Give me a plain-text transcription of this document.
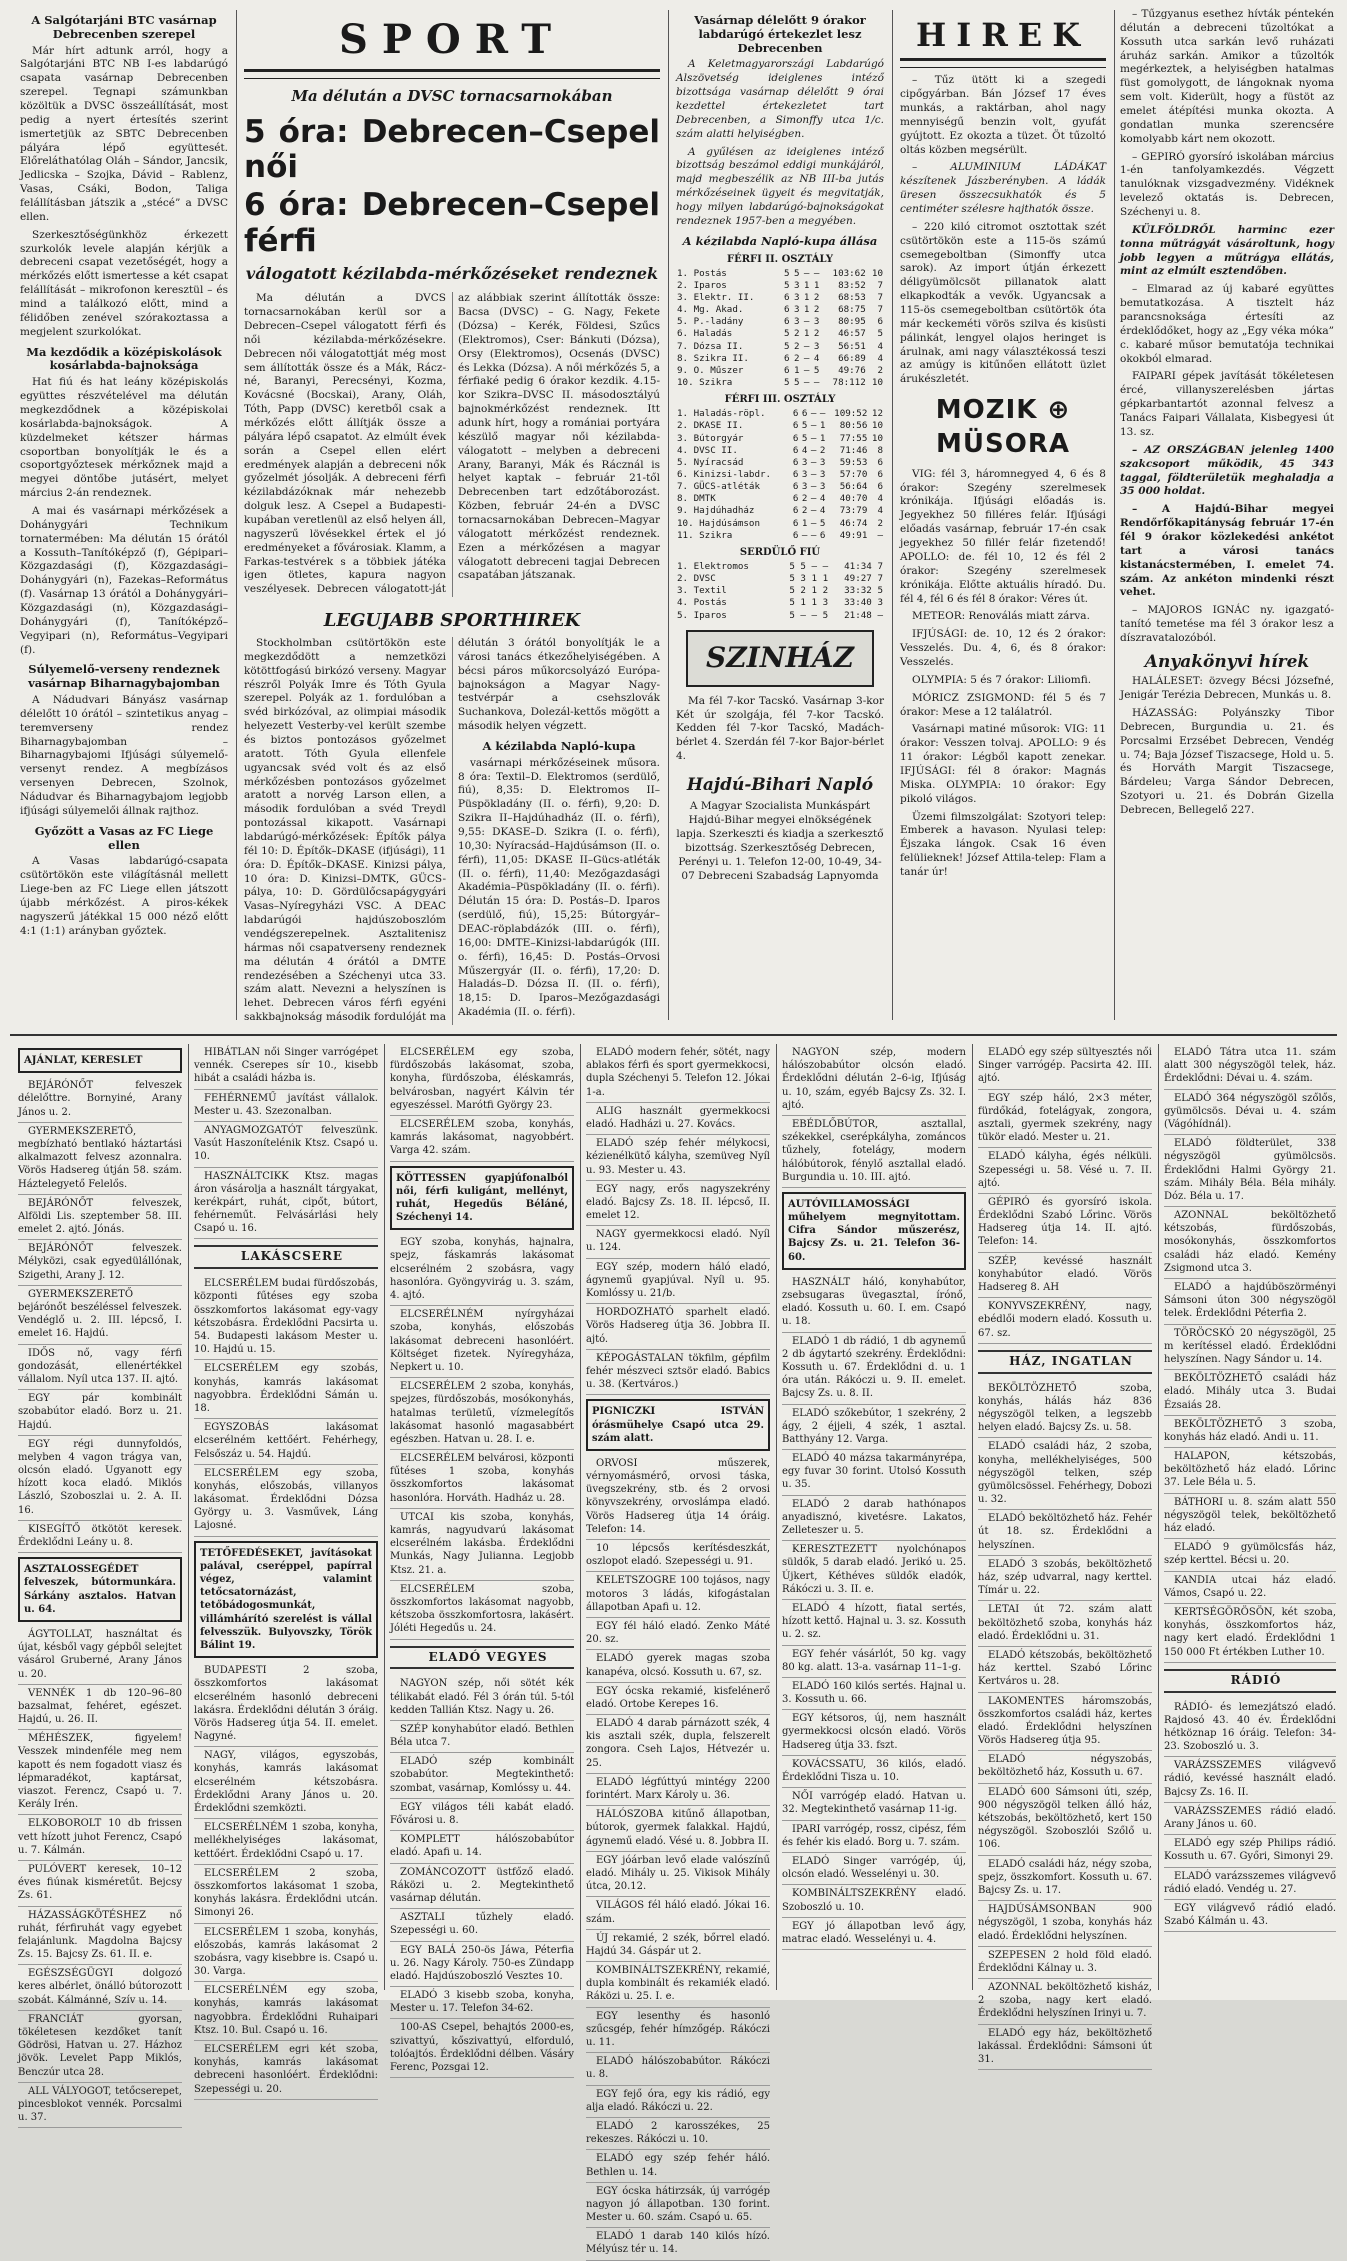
A Salgótarjáni BTC vasárnap Debrecenben szerepel

Már hírt adtunk arról, hogy a Salgótarjáni BTC NB I-es labdarúgó csapata vasárnap Debrecenben szerepel. Tegnapi számunkban közöltük a DVSC összeállítását, most pedig a nyert értesítés szerint ismertetjük az SBTC Debrecenben pályára lépő együttesét. Előreláthatólag Oláh – Sándor, Jancsik, Jedlicska – Szojka, Dávid – Rablenz, Vasas, Csáki, Bodon, Taliga felállításban játszik a „stécé” a DVSC ellen.

Szerkesztőségünkhöz érkezett szurkolók levele alapján kérjük a debreceni csapat vezetőségét, hogy a mérkőzés előtt ismertesse a két csapat felállítását – mikrofonon keresztül – és mind a találkozó előtt, mind a félidőben zenével szórakoztassa a megjelent szurkolókat.

Ma kezdődik a középiskolások kosárlabda-bajnoksága

Hat fiú és hat leány középiskolás együttes részvételével ma délután megkezdődnek a középiskolai kosárlabda-bajnokságok. A küzdelmeket kétszer hármas csoportban bonyolítják le és a csoportgyőztesek mérkőznek majd a megyei döntőbe jutásért, melyet március 2-án rendeznek.

A mai és vasárnapi mérkőzések a Dohánygyári Technikum tornatermében: Ma délután 15 órától a Kossuth–Tanítóképző (f), Gépipari–Közgazdasági (f), Közgazdasági–Dohánygyári (n), Fazekas–Református (f). Vasárnap 13 órától a Dohánygyári–Közgazdasági (n), Közgazdasági–Dohánygyári (f), Tanítóképző–Vegyipari (n), Református–Vegyipari (f).

Súlyemelő-verseny rendeznek vasárnap Biharnagybajomban

A Nádudvari Bányász vasárnap délelőtt 10 órától – szintetikus anyag – teremverseny rendez Biharnagybajomban – Biharnagybajomi Ifjúsági súlyemelő-versenyt rendez. A megbízásos versenyen Debrecen, Szolnok, Nádudvar és Biharnagybajom legjobb ifjúsági súlyemelői állnak rajthoz.

Győzött a Vasas az FC Liege ellen

A Vasas labdarúgó-csapata csütörtökön este világításnál mellett Liege-ben az FC Liege ellen játszott újabb mérkőzést. A piros-kékek nagyszerű játékkal 15 000 néző előtt 4:1 (1:1) arányban győztek.

SPORT
Ma délután a DVSC tornacsarnokában
5 óra: Debrecen–Csepel női
6 óra: Debrecen–Csepel férfi
válogatott kézilabda-mérkőzéseket rendeznek

Ma délután a DVCS tornacsarnokában kerül sor a Debrecen–Csepel válogatott férfi és női kézilabda-mérkőzésekre. Debrecen női válogatottját még most sem állították össze és a Mák, Rácz-né, Baranyi, Perecsényi, Kozma, Kovácsné (Bocskai), Arany, Oláh, Tóth, Papp (DVSC) keretből csak a mérkőzés előtt állítják össze a pályára lépő csapatot. Az elmúlt évek során a Csepel ellen elért eredmények alapján a debreceni nők győzelmét jósolják. A debreceni férfi kézilabdázóknak már nehezebb dolguk lesz. A Csepel a Budapesti-kupában veretlenül az első helyen áll, nagyszerű lövésekkel értek el jó eredményeket a fővárosiak. Klamm, a Farkas-testvérek s a többiek játéka igen ötletes, kapura nagyon veszélyesek. Debrecen válogatott-ját az alábbiak szerint állították össze: Bacsa (DVSC) – G. Nagy, Fekete (Dózsa) – Kerék, Földesi, Szűcs (Elektromos), Cser: Bánkuti (Dózsa), Orsy (Elektromos), Ocsenás (DVSC) és Lekka (Dózsa). A női mérkőzés 5, a férfiaké pedig 6 órakor kezdik. 4.15-kor Szikra–DVSC II. másodosztályú bajnokmérkőzést rendeznek. Itt adunk hírt, hogy a romániai portyára készülő magyar női kézilabda-válogatott – melyben a debreceni Arany, Baranyi, Mák és Rácznál is helyet kaptak – február 21-től Debrecenben tart edzőtáborozást. Közben, február 24-én a DVSC tornacsarnokában Debrecen–Magyar válogatott mérkőzést rendeznek. Ezen a mérkőzésen a magyar válogatott debreceni tagjai Debrecen csapatában játszanak.

LEGUJABB SPORTHIREK

Stockholmban csütörtökön este megkezdődött a nemzetközi kötöttfogású birkózó verseny. Magyar részről Polyák Imre és Tóth Gyula szerepel. Polyák az 1. fordulóban a svéd birkózóval, az olimpiai második helyezett Vesterby-vel került szembe és biztos pontozásos győzelmet aratott. Tóth Gyula ellenfele ugyancsak svéd volt és az első mérkőzésben pontozásos győzelmet aratott a norvég Larson ellen, a második fordulóban a svéd Treydl pontozással kikapott. Vasárnapi labdarúgó-mérkőzések: Építők pálya fél 10: D. Építők–DKASE (ifjúsági), 11 óra: D. Építők–DKASE. Kinizsi pálya, 10 óra: D. Kinizsi–DMTK, GÜCS-pálya, 10: D. Gördülőcsapágygyári Vasas–Nyíregyházi VSC. A DEAC labdarúgói hajdúszoboszlóm vendégszerepelnek. Asztalitenisz hármas női csapatverseny rendeznek ma délután 4 órától a DMTE rendezésében a Széchenyi utca 33. szám alatt. Nevezni a helyszínen is lehet. Debrecen város férfi egyéni sakkbajnokság második fordulóját ma délután 3 órától bonyolítják le a városi tanács étkezőhelyiségében. A bécsi páros műkorcsolyázó Európa-bajnokságon a Magyar Nagy-testvérpár a csehszlovák Suchankova, Dolezál-kettős mögött a második helyen végzett.

A kézilabda Napló-kupa

vasárnapi mérkőzéseinek műsora. 8 óra: Textil–D. Elektromos (serdülő, fiú), 8,35: D. Elektromos II–Püspökladány (II. o. férfi), 9,20: D. Szikra II–Hajdúhadház (II. o. férfi), 9,55: DKASE–D. Szikra (I. o. férfi), 10,30: Nyíracsád–Hajdúsámson (II. o. férfi), 11,05: DKASE II–Gücs-atléták (II. o. férfi), 11,40: Mezőgazdasági Akadémia–Püspökladány (II. o. férfi). Délután 15 óra: D. Postás–D. Iparos (serdülő, fiú), 15,25: Bútorgyár–DEAC-röplabdázók (III. o. férfi), 16,00: DMTE–Kinizsi-labdarúgók (III. o. férfi), 16,45: D. Postás–Orvosi Műszergyár (II. o. férfi), 17,20: D. Haladás–D. Dózsa II. (II. o. férfi), 18,15: D. Iparos–Mezőgazdasági Akadémia (II. o. férfi).

Vasárnap délelőtt 9 órakor labdarúgó értekezlet lesz Debrecenben

A Keletmagyarországi Labdarúgó Alszövetség ideiglenes intéző bizottsága vasárnap délelőtt 9 órai kezdettel értekezletet tart Debrecenben, a Simonffy utca 1/c. szám alatti helyiségben.

A gyűlésen az ideiglenes intéző bizottság beszámol eddigi munkájáról, majd megbeszélik az NB III-ba jutás mérkőzéseinek ügyeit és megvitatják, hogy milyen labdarúgó-bajnokságokat rendeznek 1957-ben a megyében.

A kézilabda Napló-kupa állása
FÉRFI II. OSZTÁLY
1. Postás	5	5	–	–	103:62	10
2. Iparos	5	3	1	1	83:52	7
3. Elektr. II.	6	3	1	2	68:53	7
4. Mg. Akad.	6	3	1	2	68:75	7
5. P.-ladány	6	3	–	3	80:95	6
6. Haladás	5	2	1	2	46:57	5
7. Dózsa II.	5	2	–	3	56:51	4
8. Szikra II.	6	2	–	4	66:89	4
9. O. Műszer	6	1	–	5	49:76	2
10. Szikra	5	5	–	–	78:112	10
FÉRFI III. OSZTÁLY
1. Haladás-röpl.	6	6	–	–	109:52	12
2. DKASE II.	6	5	–	1	80:56	10
3. Bútorgyár	6	5	–	1	77:55	10
4. DVSC II.	6	4	–	2	71:46	8
5. Nyíracsád	6	3	–	3	59:53	6
6. Kinizsi-labdr.	6	3	–	3	57:70	6
7. GÜCS-atléták	6	3	–	3	56:64	6
8. DMTK	6	2	–	4	40:70	4
9. Hajdúhadház	6	2	–	4	73:79	4
10. Hajdúsámson	6	1	–	5	46:74	2
11. Szikra	6	–	–	6	49:91	–
SERDÜLŐ FIÚ
1. Elektromos	5	5	–	–	41:34	7
2. DVSC	5	3	1	1	49:27	7
3. Textil	5	2	1	2	33:32	5
4. Postás	5	1	1	3	33:40	3
5. Iparos	5	–	–	5	21:48	–
SZINHÁZ

Ma fél 7-kor Tacskó. Vasárnap 3-kor Két úr szolgája, fél 7-kor Tacskó. Kedden fél 7-kor Tacskó, Madách-bérlet 4. Szerdán fél 7-kor Bajor-bérlet 4.

Hajdú-Bihari Napló

A Magyar Szocialista Munkáspárt Hajdú-Bihar megyei elnökségének lapja. Szerkeszti és kiadja a szerkesztő bizottság. Szerkesztőség Debrecen, Perényi u. 1. Telefon 12-00, 10-49, 34-07 Debreceni Szabadság Lapnyomda

HIREK

– Tűz ütött ki a szegedi cipőgyárban. Bán József 17 éves munkás, a raktárban, ahol nagy mennyiségű benzin volt, gyufát gyújtott. Ez okozta a tüzet. Öt tűzoltó oltás közben megsérült.

– ALUMINIUM LÁDÁKAT készítenek Jászberényben. A ládák üresen összecsukhatók és 5 centiméter szélesre hajthatók össze.

– 220 kiló citromot osztottak szét csütörtökön este a 115-ös számú csemegeboltban (Simonffy utca sarok). Az import útján érkezett déligyümölcsöt pillanatok alatt elkapkodták a vevők. Ugyancsak a 115-ös csemegeboltban csütörtök óta már keckeméti vörös szilva és kisüsti pálinkát, lengyel olajos heringet is árulnak, ami nagy választékossá teszi az amúgy is kitűnően ellátott üzlet árukészletét.

MOZIK ⊕ MÜSORA

VIG: fél 3, háromnegyed 4, 6 és 8 órakor: Szegény szerelmesek krónikája. Ifjúsági előadás is. Jegyekhez 50 filléres felár. Ifjúsági előadás vasárnap, február 17-én csak jegyekhez 50 fillér felár fizetendő! APOLLO: de. fél 10, 12 és fél 2 órakor: Szegény szerelmesek krónikája. Előtte aktuális híradó. Du. fél 4, fél 6 és fél 8 órakor: Véres út.

METEOR: Renoválás miatt zárva.

IFJÚSÁGI: de. 10, 12 és 2 órakor: Vesszelés. Du. 4, 6, és 8 órakor: Vesszelés.

OLYMPIA: 5 és 7 órakor: Liliomfi.

MÓRICZ ZSIGMOND: fél 5 és 7 órakor: Mese a 12 találatról.

Vasárnapi matiné műsorok: VIG: 11 órakor: Vesszen tolvaj. APOLLO: 9 és 11 órakor: Légből kapott zenekar. IFJÚSÁGI: fél 8 órakor: Magnás Miska. OLYMPIA: 10 órakor: Egy pikoló világos.

Üzemi filmszolgálat: Szotyori telep: Emberek a havason. Nyulasi telep: Éjszaka lángok. Csak 16 éven felülieknek! József Attila-telep: Flam a tanár úr!

– Tűzgyanus esethez hívták péntekén délután a debreceni tűzoltókat a Kossuth utca sarkán levő ruházati áruház sarkán. Amikor a tűzoltók megérkeztek, a helyiségben hatalmas füst gomolygott, de lángoknak nyoma sem volt. Kiderült, hogy a füstöt az emelet átépítési munka okozta. A gondatlan munka szerencsére komolyabb kárt nem okozott.

– GEPIRÓ gyorsíró iskolában március 1-én tanfolyamkezdés. Végzett tanulóknak vizsgadvezmény. Vidéknek levelező oktatás is. Debrecen, Széchenyi u. 8.

KÜLFÖLDRŐL harminc ezer tonna műtrágyát vásároltunk, hogy jobb legyen a műtrágya ellátás, mint az elmúlt esztendőben.

– Elmarad az új kabaré együttes bemutatkozása. A tisztelt ház parancsnoksága értesíti az érdeklődőket, hogy az „Egy véka móka” c. kabaré műsor bemutatója technikai okokból elmarad.

FAIPARI gépek javítását tökéletesen ércé, villanyszerelésben jártas gépkarbantartót azonnal felvesz a Tanács Faipari Vállalata, Kisbegyesi út 13. sz.

– AZ ORSZÁGBAN jelenleg 1400 szakcsoport működik, 45 343 taggal, földterületük meghaladja a 35 000 holdat.

– A Hajdú-Bihar megyei Rendőrfőkapitányság február 17-én fél 9 órakor közlekedési ankétot tart a városi tanács kistanácstermében, I. emelet 74. szám. Az ankéton mindenki részt vehet.

– MAJOROS IGNÁC ny. igazgató-tanító temetése ma fél 3 órakor lesz a díszravatalozóból.

Anyakönyvi hírek

HALÁLESET: özvegy Bécsi Józsefné, Jenigár Terézia Debrecen, Munkás u. 8.

HÁZASSÁG: Polyánszky Tibor Debrecen, Burgundia u. 21. és Porcsalmi Erzsébet Debrecen, Vendég u. 74; Baja József Tiszacsege, Hold u. 5. és Horváth Margit Tiszacsege, Bárdeleu; Varga Sándor Debrecen, Szotyori u. 21. és Dobrán Gizella Debrecen, Bellegelő 227.

AJÁNLAT, KERESLET

BEJÁRÓNŐT felveszek délelőttre. Bornyiné, Arany János u. 2.

GYERMEKSZERETŐ, megbízható bentlakó háztartási alkalmazott felvesz azonnalra. Vörös Hadsereg útján 58. szám. Háztelegyető Felelős.

BEJÁRÓNŐT felveszek, Alföldi Lis. szeptember 58. III. emelet 2. ajtó. Jónás.

BEJÁRÓNŐT felveszek. Mélyközi, csak egyedülállónak, Szigethi, Arany J. 12.

GYERMEKSZERETŐ bejárónőt beszéléssel felveszek. Vendéglő u. 2. III. lépcső, I. emelet 16. Hajdú.

IDŐS nő, vagy férfi gondozását, ellenértékkel vállalom. Nyíl utca 137. II. ajtó.

EGY pár kombinált szobabútor eladó. Borz u. 21. Hajdú.

EGY régi dunnyfoldós, melyben 4 vagon trágya van, olcsón eladó. Ugyanott egy hízott koca eladó. Miklós László, Szoboszlai u. 2. A. II. 16.

KISEGÍTŐ ötkötöt keresek. Érdeklődni Leány u. 8.

ASZTALOSSEGÉDET felveszek, bútormunkára. Sárkány asztalos. Hatvan u. 64.

ÁGYTOLLAT, használtat és újat, késből vagy gépből selejtet vásárol Gruberné, Arany János u. 20.

VENNÉK 1 db 120–96–80 bazsalmat, fehéret, egészet. Hajdú, u. 26. II.

MÉHÉSZEK, figyelem! Vesszek mindenféle meg nem kapott és nem fogadott viasz és lépmaradékot, kaptársat, viaszot. Ferencz, Csapó u. 7. Kerály Irén.

ELKOBOROLT 10 db frissen vett hízott juhot Ferencz, Csapó u. 7. Kálmán.

PULÓVERT keresek, 10–12 éves fiúnak kisméretűt. Bejcsy Zs. 61.

HÁZASSÁGKÖTÉSHEZ nő ruhát, férfiruhát vagy egyebet felajánlunk. Magdolna Bajcsy Zs. 15. Bajcsy Zs. 61. II. e.

EGÉSZSÉGÜGYI dolgozó keres albérlet, önálló bútorozott szobát. Kálmánné, Szív u. 14.

FRANCIÁT gyorsan, tökéletesen kezdőket tanít Gödrösi, Hatvan u. 27. Házhoz jövök. Levelet Papp Miklós, Benczúr utca 28.

ALL VÁLYOGOT, tetőcserepet, pincesblokot vennék. Porcsalmi u. 37.

HIBÁTLAN női Singer varrógépet vennék. Cserepes sír 10., kisebb hibát a családi házba is.

FEHÉRNEMŰ javítást vállalok. Mester u. 43. Szezonalban.

ANYAGMOZGATÓT felveszünk. Vasút Haszonítelénik Ktsz. Csapó u. 10.

HASZNÁLTCIKK Ktsz. magas áron vásárolja a használt tárgyakat, kerékpárt, ruhát, cipőt, bútort, fehérneműt. Felvásárlási hely Csapó u. 16.

LAKÁSCSERE

ELCSERÉLEM budai fürdőszobás, központi fűtéses egy szoba összkomfortos lakásomat egy-vagy kétszobásra. Érdeklődni Pacsirta u. 54. Budapesti lakásom Mester u. 10. Hajdú u. 15.

ELCSERÉLEM egy szobás, konyhás, kamrás lakásomat nagyobbra. Érdeklődni Sámán u. 18.

EGYSZOBÁS lakásomat elcserélném kettőért. Fehérhegy, Felsőszáz u. 54. Hajdú.

ELCSERÉLEM egy szoba, konyhás, előszobás, villanyos lakásomat. Érdeklődni Dózsa György u. 3. Vasművek, Láng Lajosné.

TETŐFEDÉSEKET, javításokat palával, cseréppel, papírral végez, valamint tetőcsatornázást, tetőbádogosmunkát, villámhárító szerelést is vállal felvesszük. Bulyovszky, Török Bálint 19.

BUDAPESTI 2 szoba, összkomfortos lakásomat elcserélném hasonló debreceni lakásra. Érdeklődni délután 3 óráig. Vörös Hadsereg útja 54. II. emelet. Nagyné.

NAGY, világos, egyszobás, konyhás, kamrás lakásomat elcserélném kétszobásra. Érdeklődni Arany János u. 20. Érdeklődni szemközti.

ELCSERÉLNÉM 1 szoba, konyha, mellékhelyiséges lakásomat, kettőért. Érdeklődni Csapó u. 17.

ELCSERÉLEM 2 szoba, összkomfortos lakásomat 1 szoba, konyhás lakásra. Érdeklődni utcán. Simonyi 26.

ELCSERÉLEM 1 szoba, konyhás, előszobás, kamrás lakásomat 2 szobásra, vagy kisebbre is. Csapó u. 30. Varga.

ELCSERÉLNÉM egy szoba, konyhás, kamrás lakásomat nagyobbra. Érdeklődni Ruhaipari Ktsz. 10. Bul. Csapó u. 16.

ELCSERÉLEM egri két szoba, konyhás, kamrás lakásomat debreceni hasonlóért. Érdeklődni: Szepességi u. 20.

ELCSERÉLEM egy szoba, fürdőszobás lakásomat, szoba, konyha, fürdőszoba, éléskamrás, belvárosban, nagyért Kálvin tér egyeszéssel. Marótfi György 23.

ELCSERÉLEM szoba, konyhás, kamrás lakásomat, nagyobbért. Varga 42. szám.

KÖTTESSEN gyapjúfonalból női, férfi kuligánt, mellényt, ruhát, Hegedűs Béláné, Széchenyi 14.

EGY szoba, konyhás, hajnalra, spejz, fáskamrás lakásomat elcserélném 2 szobásra, vagy hasonlóra. Gyöngyvirág u. 3. szám, 4. ajtó.

ELCSERÉLNÉM nyírgyházai szoba, konyhás, előszobás lakásomat debreceni hasonlóért. Költséget fizetek. Nyíregyháza, Nepkert u. 10.

ELCSERÉLEM 2 szoba, konyhás, spejzes, fürdőszobás, mosókonyhás, hatalmas területű, vízmelegítős lakásomat hasonló magasabbért egészben. Hatvan u. 28. I. e.

ELCSERÉLEM belvárosi, központi fűtéses 1 szoba, konyhás összkomfortos lakásomat hasonlóra. Horváth. Hadház u. 28.

UTCAI kis szoba, konyhás, kamrás, nagyudvarú lakásomat elcserélném lakásba. Érdeklődni Munkás, Nagy Julianna. Legjobb Ktsz. 21. a.

ELCSERÉLEM szoba, összkomfortos lakásomat nagyobb, kétszoba összkomfortosra, lakásért. Jóléti Hegedűs u. 24.

ELADÓ VEGYES

NAGYON szép, női sötét kék télikabát eladó. Fél 3 órán túl. 5-tól kedden Tallián Ktsz. Nagy u. 26.

SZÉP konyhabútor eladó. Bethlen Béla utca 7.

ELADÓ szép kombinált szobabútor. Megtekinthető: szombat, vasárnap, Komlóssy u. 44.

EGY világos téli kabát eladó. Fővárosi u. 8.

KOMPLETT hálószobabútor eladó. Apafi u. 14.

ZOMÁNCOZOTT üstfőző eladó. Ráközi u. 2. Megtekinthető vasárnap délután.

ASZTALI tűzhely eladó. Szepességi u. 60.

EGY BALÁ 250-ös Jáwa, Péterfia u. 26. Nagy Károly. 750-es Zündapp eladó. Hajdúszoboszló Vesztes 10.

ELADÓ 3 kisebb szoba, konyha, Mester u. 17. Telefon 34-62.

100-AS Csepel, behajtós 2000-es, szivattyú, kőszivattyú, elforduló, tolóajtós. Érdeklődni délben. Vásáry Ferenc, Pozsgai 12.

ELADÓ modern fehér, sötét, nagy ablakos férfi és sport gyermekkocsi, dupla Széchenyi 5. Telefon 12. Jókai 1-a.

ALIG használt gyermekkocsi eladó. Hadházi u. 27. Kovács.

ELADÓ szép fehér mélykocsi, kézienélkütő kályha, szemüveg Nyíl u. 93. Mester u. 43.

EGY nagy, erős nagyszekrény eladó. Bajcsy Zs. 18. II. lépcső, II. emelet 12.

NAGY gyermekkocsi eladó. Nyíl u. 124.

EGY szép, modern háló eladó, ágynemű gyapjúval. Nyíl u. 95. Komlóssy u. 21/b.

HORDOZHATÓ sparhelt eladó. Vörös Hadsereg útja 36. Jobbra II. ajtó.

KÉPOGÁSTALAN tökfilm, gépfilm fehér mészveci sztsör eladó. Babics u. 38. (Kertváros.)

PIGNICZKI ISTVÁN órásmühelye Csapó utca 29. szám alatt.

ORVOSI műszerek, vérnyomásmérő, orvosi táska, üvegszekrény, stb. és 2 orvosi könyvszekrény, orvoslámpa eladó. Vörös Hadsereg útja 14 óráig. Telefon: 14.

10 lépcsős kerítésdeszkát, oszlopot eladó. Szepességi u. 91.

KELETSZOGRE 100 tojásos, nagy motoros 3 ládás, kifogástalan állapotban Apafi u. 12.

EGY fél háló eladó. Zenko Máté 20. sz.

ELADÓ gyerek magas szoba kanapéva, olcsó. Kossuth u. 67, sz.

EGY ócska rekamié, kisfelénerő eladó. Ortobe Kerepes 16.

ELADÓ 4 darab párnázott szék, 4 kis asztali szék, dupla, felszerelt zongora. Cseh Lajos, Hétvezér u. 25.

ELADÓ légfúttyú mintégy 2200 forintért. Marx Károly u. 36.

HÁLÓSZOBA kitűnő állapotban, bútorok, gyermek falakkal. Hajdú, ágynemű eladó. Vésé u. 8. Jobbra II.

EGY jóárban levő elade valószínű eladó. Mihály u. 25. Vikisok Mihály útca, 20.12.

VILÁGOS fél háló eladó. Jókai 16. szám.

ÚJ rekamié, 2 szék, bőrrel eladó. Hajdú 34. Gáspár ut 2.

KOMBINÁLTSZEKRÉNY, rekamié, dupla kombinált és rekamiék eladó. Ráközi u. 25. I. e.

EGY lesenthy és hasonló szűcsgép, fehér hímzőgép. Rákóczi u. 11.

ELADÓ hálószobabútor. Rákóczi u. 8.

EGY fejő óra, egy kis rádió, egy alja eladó. Rákóczi u. 22.

ELADÓ 2 karosszékes, 25 rekeszes. Rákóczi u. 10.

ELADÓ egy szép fehér háló. Bethlen u. 14.

EGY ócska hátirzsák, új varrógép nagyon jó állapotban. 130 forint. Mester u. 60. szám. Csapó u. 65.

ELADÓ 1 darab 140 kilós hízó. Mélyúsz tér u. 14.

NAGYON szép, modern hálószobabútor olcsón eladó. Érdeklődni délután 2–6-ig, Ifjúság u. 10, szám, egyéb Bajcsy Zs. 32. I. ajtó.

EBÉDLŐBÚTOR, asztallal, székekkel, cserépkályha, zománcos tűzhely, fotelágy, modern hálóbútorok, fénylő asztallal eladó. Burgundia u. 10. III. ajtó.

AUTÓVILLAMOSSÁGI műhelyem megnyitottam. Cifra Sándor műszerész, Bajcsy Zs. u. 21. Telefon 36-60.

HASZNÁLT háló, konyhabútor, zsebsugaras üvegasztal, írónő, eladó. Kossuth u. 60. I. em. Csapó u. 18.

ELADÓ 1 db rádió, 1 db agynemű 2 db ágytartó szekrény. Érdeklődni: Kossuth u. 67. Érdeklődni d. u. 1 óra után. Rákóczi u. 9. II. emelet. Bajcsy Zs. u. 8. II.

ELADÓ szőkebútor, 1 szekrény, 2 ágy, 2 éjjeli, 4 szék, 1 asztal. Batthyány 12. Varga.

ELADÓ 40 mázsa takarmányrépa, egy fuvar 30 forint. Utolsó Kossuth u. 35.

ELADÓ 2 darab hathónapos anyadisznó, kivetésre. Lakatos, Zelleteszer u. 5.

KERESZTEZETT nyolchónapos süldők, 5 darab eladó. Jerikó u. 25. Újkert, Kéthéves süldők eladók, Rákóczi u. 3. II. e.

ELADÓ 4 hízott, fiatal sertés, hízott kettő. Hajnal u. 3. sz. Kossuth u. 2. sz.

EGY fehér vásárlót, 50 kg. vagy 80 kg. alatt. 13-a. vasárnap 11–1-g.

ELADÓ 160 kilós sertés. Hajnal u. 3. Kossuth u. 66.

EGY kétsoros, új, nem használt gyermekkocsi olcsón eladó. Vörös Hadsereg útja 33. fszt.

KOVÁCSSATU, 36 kilós, eladó. Érdeklődni Tisza u. 10.

NŐI varrógép eladó. Hatvan u. 32. Megtekinthető vasárnap 11-ig.

IPARI varrógép, rossz, cipész, fém és fehér kis eladó. Borg u. 7. szám.

ELADÓ Singer varrógép, új, olcsón eladó. Wesselényi u. 30.

KOMBINÁLTSZEKRÉNY eladó. Szoboszló u. 10.

EGY jó állapotban levő ágy, matrac eladó. Wesselényi u. 4.

ELADÓ egy szép sültyesztés női Singer varrógép. Pacsirta 42. III. ajtó.

EGY szép háló, 2×3 méter, fürdőkád, fotelágyak, zongora, asztali, gyermek szekrény, nagy tükör eladó. Mester u. 21.

ELADÓ kályha, égés nélküli. Szepességi u. 58. Vésé u. 7. II. ajtó.

GÉPIRÓ és gyorsíró iskola. Érdeklődni Szabó Lőrinc. Vörös Hadsereg útja 14. II. ajtó. Telefon: 14.

SZÉP, kevéssé használt konyhabútor eladó. Vörös Hadsereg 8. AH

KONYVSZEKRÉNY, nagy, ebédlői modern eladó. Kossuth u. 67. sz.

HÁZ, INGATLAN

BEKÖLTÖZHETŐ szoba, konyhás, hálás ház 836 négyszögöl telken, a legszebb helyen eladó. Bajcsy Zs. u. 58.

ELADÓ családi ház, 2 szoba, konyha, mellékhelyiséges, 500 négyszögöl telken, szép gyümölcsössel. Fehérhegy, Dobozi u. 32.

ELADÓ beköltözhető ház. Fehér út 18. sz. Érdeklődni a helyszínen.

ELADÓ 3 szobás, beköltözhető ház, szép udvarral, nagy kerttel. Tímár u. 22.

LETAI út 72. szám alatt beköltözhető szoba, konyhás ház eladó. Érdeklődni u. 31.

ELADÓ kétszobás, beköltözhető ház kerttel. Szabó Lőrinc Kertváros u. 28.

LAKOMENTES háromszobás, összkomfortos családi ház, kertes eladó. Érdeklődni helyszínen Vörös Hadsereg útja 95.

ELADÓ négyszobás, beköltözhető ház, Kossuth u. 67.

ELADÓ 600 Sámsoni úti, szép, 900 négyszögöl telken álló ház, kétszobás, beköltözhető, kert 150 négyszögöl. Szoboszlói Szőlő u. 106.

ELADÓ családi ház, négy szoba, spejz, összkomfort. Kossuth u. 67. Bajcsy Zs. u. 17.

HAJDÚSÁMSONBAN 900 négyszögöl, 1 szoba, konyhás ház eladó. Érdeklődni helyszínen.

SZEPESEN 2 hold föld eladó. Érdeklődni Kálnay u. 3.

AZONNAL beköltözhető kisház, 2 szoba, nagy kert eladó. Érdeklődni helyszínen Irinyi u. 7.

ELADÓ egy ház, beköltözhető lakással. Érdeklődni: Sámsoni út 31.

ELADÓ Tátra utca 11. szám alatt 300 négyszögöl telek, ház. Érdeklődni: Dévai u. 4. szám.

ELADÓ 364 négyszögöl szőlős, gyümölcsös. Dévai u. 4. szám (Vágóhídnál).

ELADÓ földterület, 338 négyszögöl gyümölcsös. Érdeklődni Halmi György 21. szám. Mihály Béla. Béla mihály. Dóz. Béla u. 17.

AZONNAL beköltözhető kétszobás, fürdőszobás, mosókonyhás, összkomfortos családi ház eladó. Kemény Zsigmond utca 3.

ELADÓ a hajdúböszörményi Sámsoni úton 300 négyszögöl telek. Érdeklődni Péterfia 2.

TÖRÖCSKÓ 20 négyszögöl, 25 m kerítéssel eladó. Érdeklődni helyszínen. Nagy Sándor u. 14.

BEKÖLTÖZHETŐ családi ház eladó. Mihály utca 3. Budai Ézsaiás 28.

BEKÖLTÖZHETŐ 3 szoba, konyhás ház eladó. Andi u. 11.

HALAPON, kétszobás, beköltözhető ház eladó. Lőrinc 37. Lele Béla u. 5.

BÁTHORI u. 8. szám alatt 550 négyszögöl telek, beköltözhető ház eladó.

ELADÓ 9 gyümölcsfás ház, szép kerttel. Bécsi u. 20.

KANDIA utcai ház eladó. Vámos, Csapó u. 22.

KERTSÉGÖRÖSÖN, két szoba, konyhás, összkomfortos ház, nagy kert eladó. Érdeklődni 1 150 000 Ft értékben Luther 10.

RÁDIÓ

RÁDIÓ- és lemezjátszó eladó. Rajdosó 43. 40 év. Érdeklődni hétköznap 16 óráig. Telefon: 34-23. Szoboszló u. 3.

VARÁZSSZEMES világvevő rádió, kevéssé használt eladó. Bajcsy Zs. 16. II.

VARÁZSSZEMES rádió eladó. Arany János u. 60.

ELADÓ egy szép Philips rádió. Kossuth u. 67. Győri, Simonyi 29.

ELADÓ varázsszemes világvevő rádió eladó. Vendég u. 27.

EGY világvevő rádió eladó. Szabó Kálmán u. 43.
